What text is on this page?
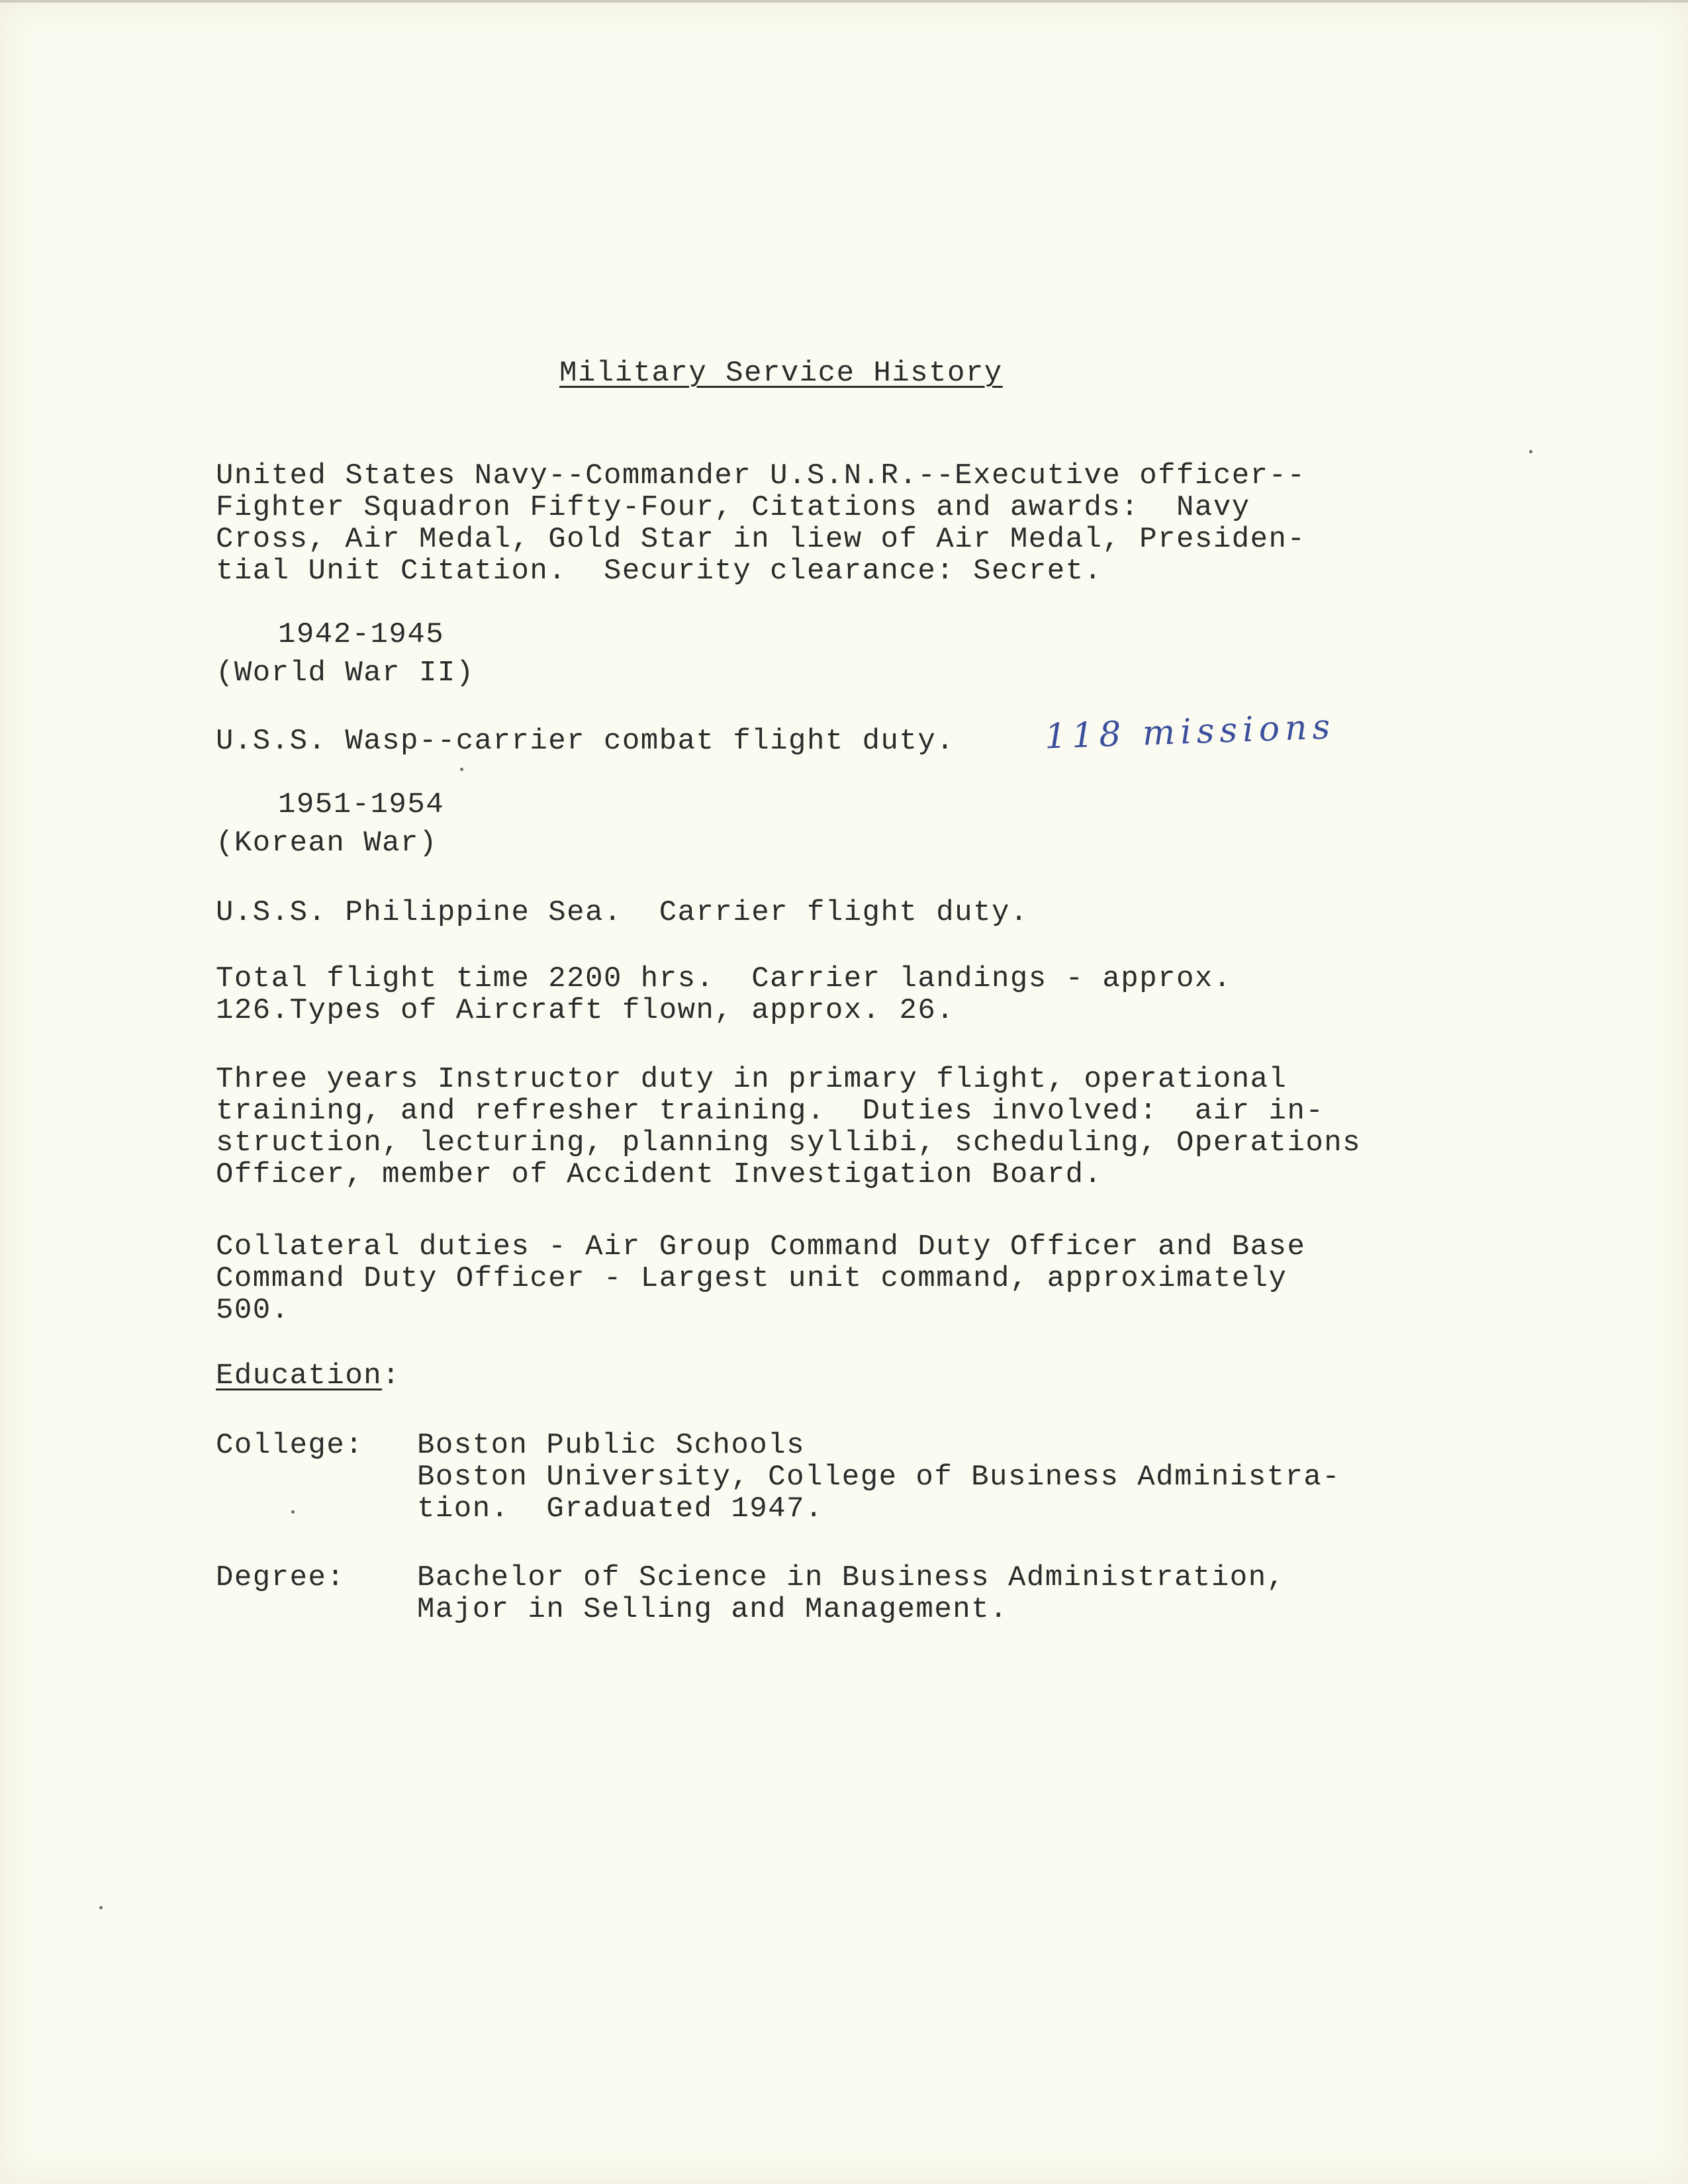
Military Service History

United States Navy--Commander U.S.N.R.--Executive officer--
Fighter Squadron Fifty-Four, Citations and awards:  Navy
Cross, Air Medal, Gold Star in liew of Air Medal, Presiden-
tial Unit Citation.  Security clearance: Secret.

1942-1945

(World War II)

U.S.S. Wasp--carrier combat flight duty.	118 missions

1951-1954

(Korean War)

U.S.S. Philippine Sea.  Carrier flight duty.

Total flight time 2200 hrs.  Carrier landings - approx.
126.Types of Aircraft flown, approx. 26.

Three years Instructor duty in primary flight, operational
training, and refresher training.  Duties involved:  air in-
struction, lecturing, planning syllibi, scheduling, Operations
Officer, member of Accident Investigation Board.

Collateral duties - Air Group Command Duty Officer and Base
Command Duty Officer - Largest unit command, approximately
500.

Education:

College: Boston Public Schools
Boston University, College of Business Administra-
tion.  Graduated 1947.

Degree: Bachelor of Science in Business Administration,
Major in Selling and Management.
